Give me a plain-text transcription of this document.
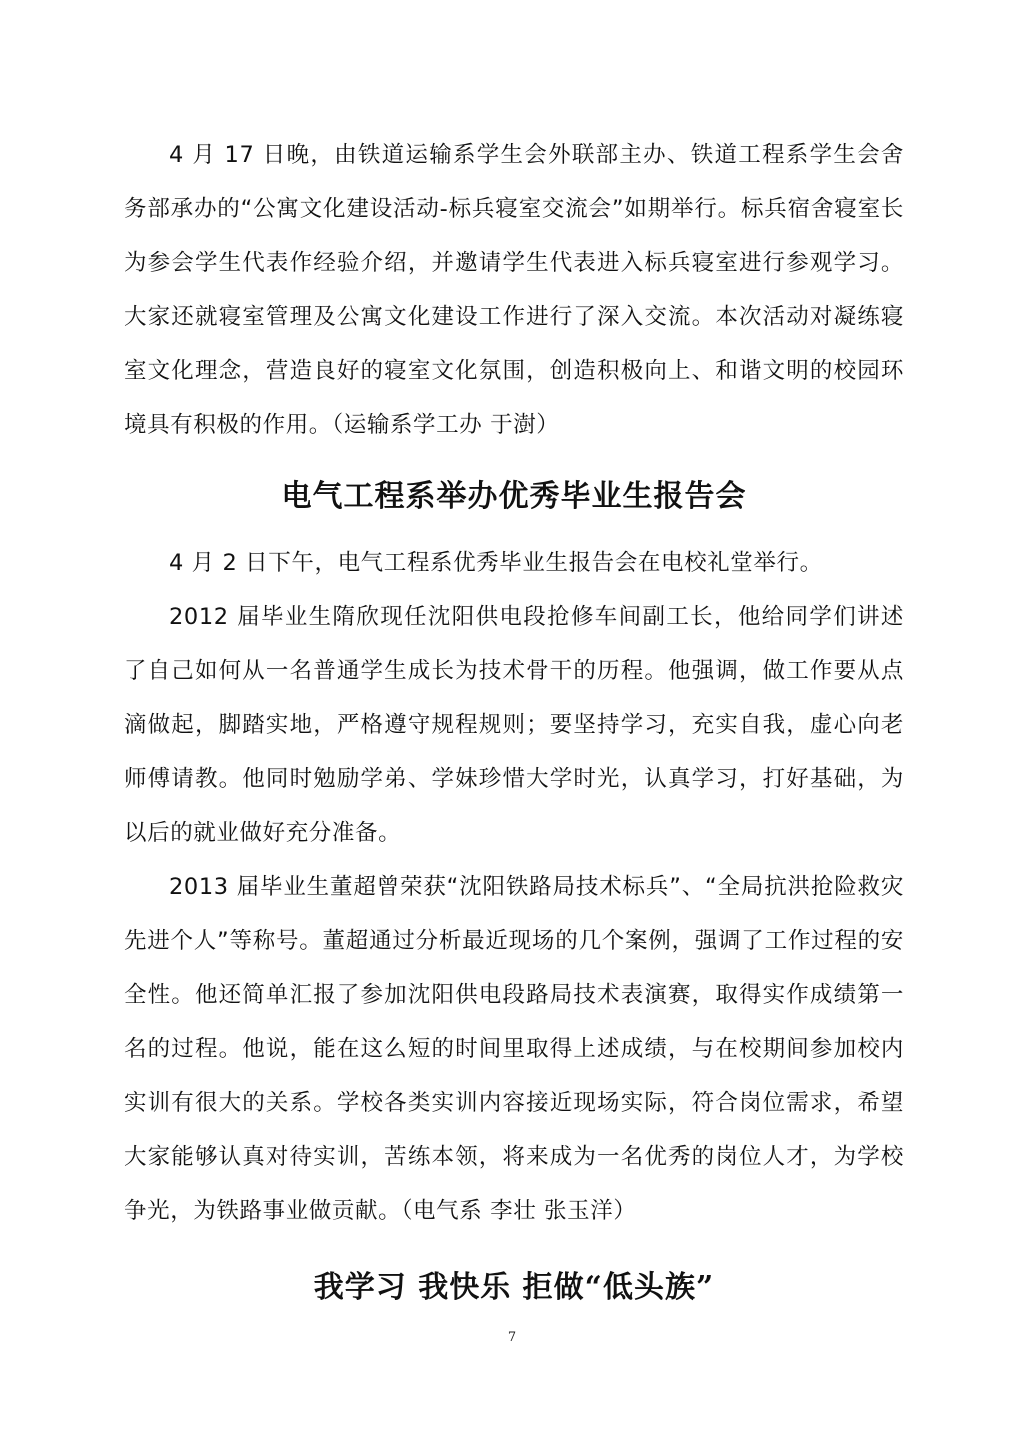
4 月 17 日晚，由铁道运输系学生会外联部主办、铁道工程系学生会舍务部承办的“公寓文化建设活动-标兵寝室交流会”如期举行。标兵宿舍寝室长为参会学生代表作经验介绍，并邀请学生代表进入标兵寝室进行参观学习。大家还就寝室管理及公寓文化建设工作进行了深入交流。本次活动对凝练寝室文化理念，营造良好的寝室文化氛围，创造积极向上、和谐文明的校园环境具有积极的作用。（运输系学工办 于澍）

电气工程系举办优秀毕业生报告会

4 月 2 日下午，电气工程系优秀毕业生报告会在电校礼堂举行。

2012 届毕业生隋欣现任沈阳供电段抢修车间副工长，他给同学们讲述了自己如何从一名普通学生成长为技术骨干的历程。他强调，做工作要从点滴做起，脚踏实地，严格遵守规程规则；要坚持学习，充实自我，虚心向老师傅请教。他同时勉励学弟、学妹珍惜大学时光，认真学习，打好基础，为以后的就业做好充分准备。

2013 届毕业生董超曾荣获“沈阳铁路局技术标兵”、“全局抗洪抢险救灾先进个人”等称号。董超通过分析最近现场的几个案例，强调了工作过程的安全性。他还简单汇报了参加沈阳供电段路局技术表演赛，取得实作成绩第一名的过程。他说，能在这么短的时间里取得上述成绩，与在校期间参加校内实训有很大的关系。学校各类实训内容接近现场实际，符合岗位需求，希望大家能够认真对待实训，苦练本领，将来成为一名优秀的岗位人才，为学校争光，为铁路事业做贡献。（电气系 李壮 张玉洋）

我学习 我快乐 拒做“低头族”
7
